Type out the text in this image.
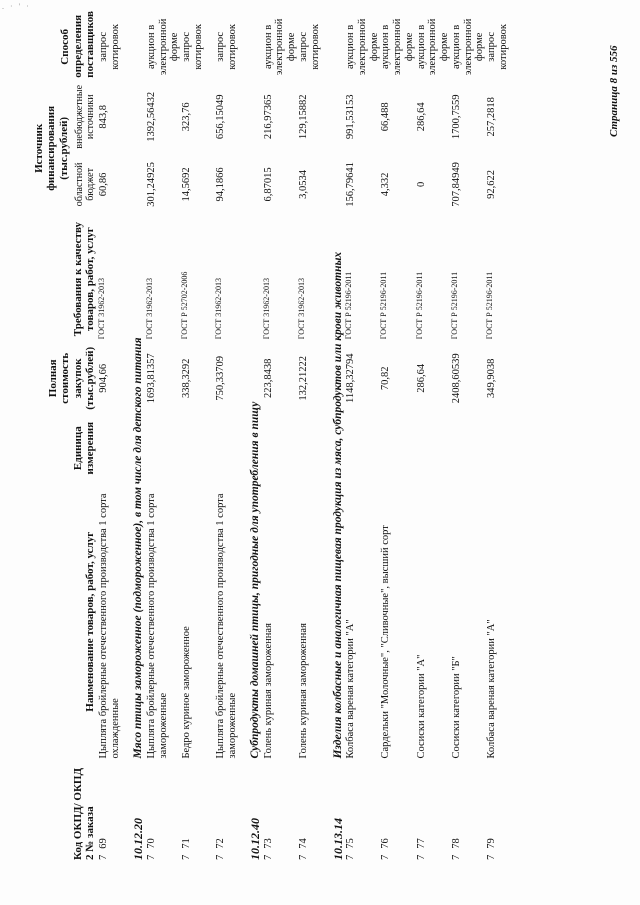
. · ' ·
Код ОКПД/ ОКПД 2 № заказа	Наименование товаров, работ, услуг	Единица измерения	Полная стоимость закупок (тыс.рублей)	Требования к качеству товаров, работ, услуг	Источник финансирования (тыс.рублей)		Способ определения поставщиков
					областной бюджет	внебюджетные источники	
769	Цыплята бройлерные отечественного производства 1 сорта охлажденные		904,66	ГОСТ 31962-2013	60,86	843,8	запрос котировок
10.12.20	Мясо птицы замороженное (подмороженное), в том числе для детского питания						
770	Цыплята бройлерные отечественного производства 1 сорта замороженные		1693,81357	ГОСТ 31962-2013	301,24925	1392,56432	аукцион в электронной форме
771	Бедро куриное замороженное		338,3292	ГОСТ Р 52702-2006	14,5692	323,76	запрос котировок
772	Цыплята бройлерные отечественного производства 1 сорта замороженные		750,33709	ГОСТ 31962-2013	94,1866	656,15049	запрос котировок
10.12.40	Субпродукты домашней птицы, пригодные для употребления в пищу						
773	Голень куриная замороженная		223,8438	ГОСТ 31962-2013	6,87015	216,97365	аукцион в электронной форме
774	Голень куриная замороженная		132,21222	ГОСТ 31962-2013	3,0534	129,15882	запрос котировок
10.13.14	Изделия колбасные и аналогичная пищевая продукция из мяса, субпродуктов или крови животных						
775	Колбаса вареная категории "А"		1148,32794	ГОСТ Р 52196-2011	156,79641	991,53153	аукцион в электронной форме
776	Сардельки "Молочные", "Сливочные", высший сорт		70,82	ГОСТ Р 52196-2011	4,332	66,488	аукцион в электронной форме
777	Сосиски категории "А"		286,64	ГОСТ Р 52196-2011	0	286,64	аукцион в электронной форме
778	Сосиски категории "Б"		2408,60539	ГОСТ Р 52196-2011	707,84949	1700,7559	аукцион в электронной форме
779	Колбаса вареная категории "А"		349,9038	ГОСТ Р 52196-2011	92,622	257,2818	запрос котировок	Страница 8 из 556
